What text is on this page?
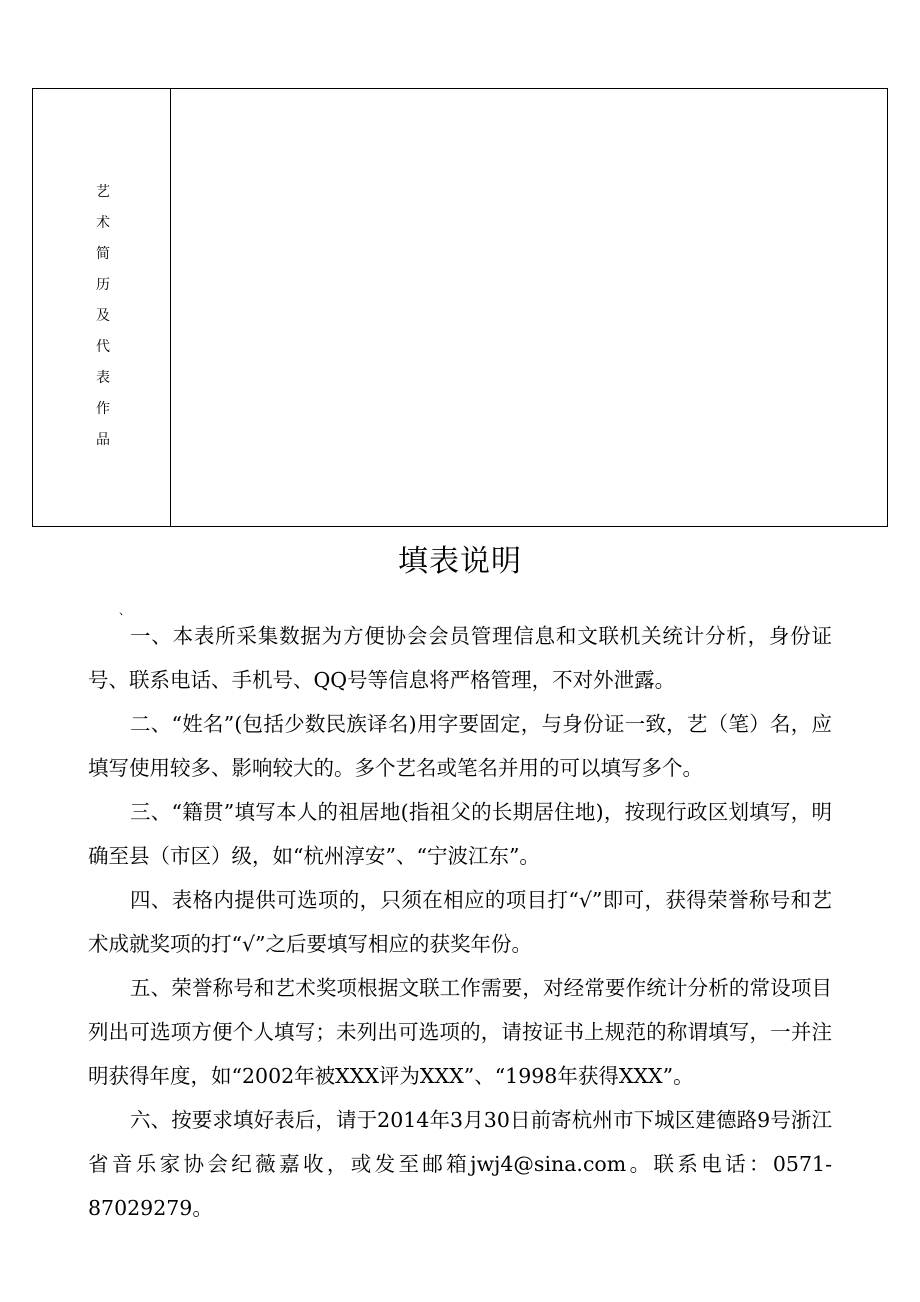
艺
术
简
历
及
代
表
作
品
、
填表说明

一、本表所采集数据为方便协会会员管理信息和文联机关统计分析，身份证号、联系电话、手机号、QQ号等信息将严格管理，不对外泄露。

二、“姓名”(包括少数民族译名)用字要固定，与身份证一致，艺（笔）名，应填写使用较多、影响较大的。多个艺名或笔名并用的可以填写多个。

三、“籍贯”填写本人的祖居地(指祖父的长期居住地)，按现行政区划填写，明确至县（市区）级，如“杭州淳安”、“宁波江东”。

四、表格内提供可选项的，只须在相应的项目打“√”即可，获得荣誉称号和艺术成就奖项的打“√”之后要填写相应的获奖年份。

五、荣誉称号和艺术奖项根据文联工作需要，对经常要作统计分析的常设项目列出可选项方便个人填写；未列出可选项的，请按证书上规范的称谓填写，一并注明获得年度，如“2002年被XXX评为XXX”、“1998年获得XXX”。

六、按要求填好表后，请于2014年3月30日前寄杭州市下城区建德路9号浙江省音乐家协会纪薇嘉收，或发至邮箱jwj4@sina.com。联系电话：0571-87029279。
